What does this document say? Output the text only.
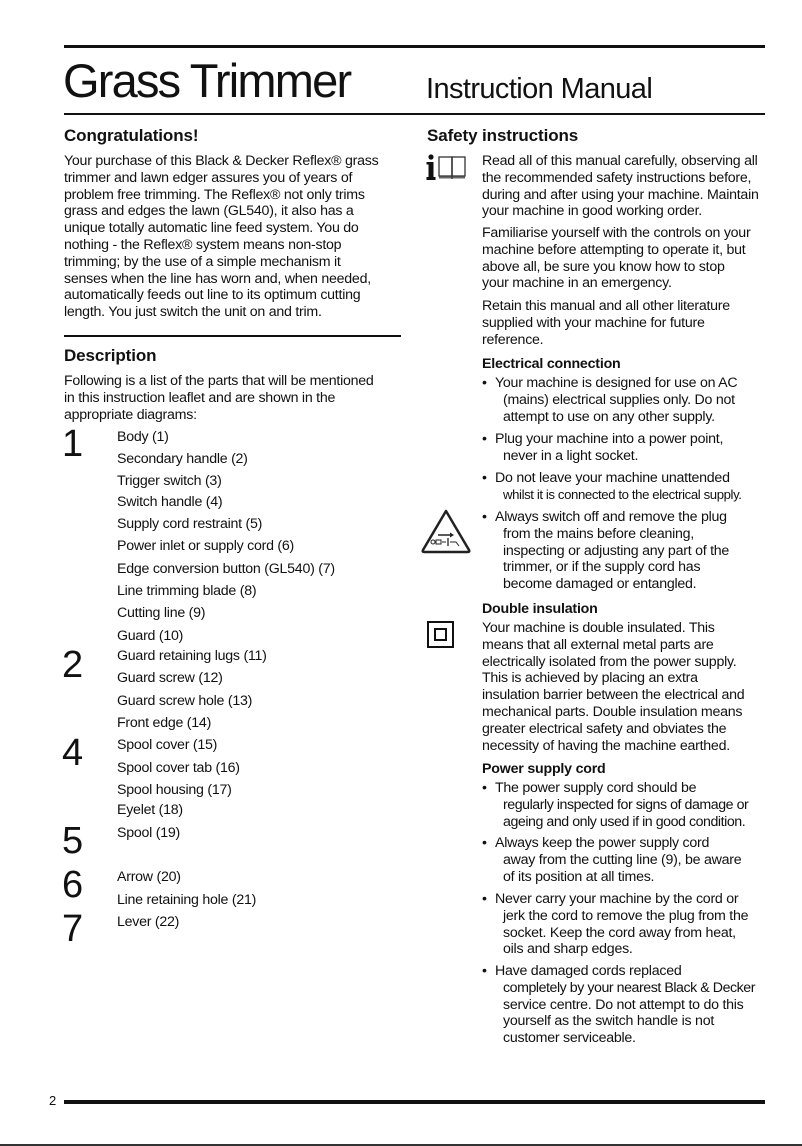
Grass Trimmer	Instruction Manual
Congratulations!
Your purchase of this Black & Decker Reflex® grass
trimmer and lawn edger assures you of years of
problem free trimming. The Reflex® not only trims
grass and edges the lawn (GL540), it also has a
unique totally automatic line feed system. You do
nothing - the Reflex® system means non-stop
trimming; by the use of a simple mechanism it
senses when the line has worn and, when needed,
automatically feeds out line to its optimum cutting
length. You just switch the unit on and trim.
Description
Following is a list of the parts that will be mentioned
in this instruction leaflet and are shown in the
appropriate diagrams:
1
2
4
5
6
7
Body (1)
Secondary handle (2)
Trigger switch (3)
Switch handle (4)
Supply cord restraint (5)
Power inlet or supply cord (6)
Edge conversion button (GL540) (7)
Line trimming blade (8)
Cutting line (9)
Guard (10)
Guard retaining lugs (11)
Guard screw (12)
Guard screw hole (13)
Front edge (14)
Spool cover (15)
Spool cover tab (16)
Spool housing (17)
Eyelet (18)
Spool (19)
Arrow (20)
Line retaining hole (21)
Lever (22)
Safety instructions
Read all of this manual carefully, observing all
the recommended safety instructions before,
during and after using your machine. Maintain
your machine in good working order.
Familiarise yourself with the controls on your
machine before attempting to operate it, but
above all, be sure you know how to stop
your machine in an emergency.
Retain this manual and all other literature
supplied with your machine for future
reference.
Electrical connection
• Your machine is designed for use on AC
(mains) electrical supplies only. Do not
attempt to use on any other supply.
• Plug your machine into a power point,
never in a light socket.
• Do not leave your machine unattended
whilst it is connected to the electrical supply.
• Always switch off and remove the plug
from the mains before cleaning,
inspecting or adjusting any part of the
trimmer, or if the supply cord has
become damaged or entangled.
Double insulation
Your machine is double insulated. This
means that all external metal parts are
electrically isolated from the power supply.
This is achieved by placing an extra
insulation barrier between the electrical and
mechanical parts. Double insulation means
greater electrical safety and obviates the
necessity of having the machine earthed.
Power supply cord
• The power supply cord should be
regularly inspected for signs of damage or
ageing and only used if in good condition.
• Always keep the power supply cord
away from the cutting line (9), be aware
of its position at all times.
• Never carry your machine by the cord or
jerk the cord to remove the plug from the
socket. Keep the cord away from heat,
oils and sharp edges.
• Have damaged cords replaced
completely by your nearest Black & Decker
service centre. Do not attempt to do this
yourself as the switch handle is not
customer serviceable.
2
